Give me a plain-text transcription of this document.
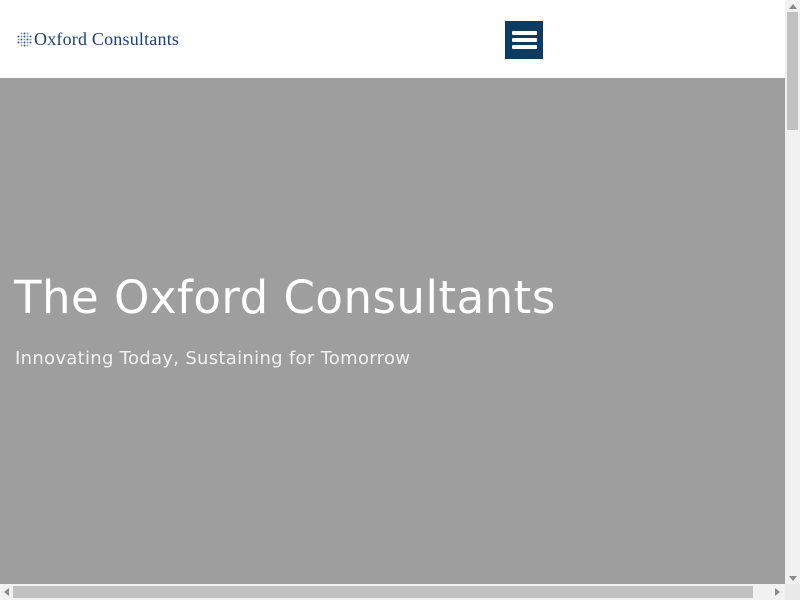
Oxford Consultants
The Oxford Consultants

Innovating Today, Sustaining for Tomorrow
